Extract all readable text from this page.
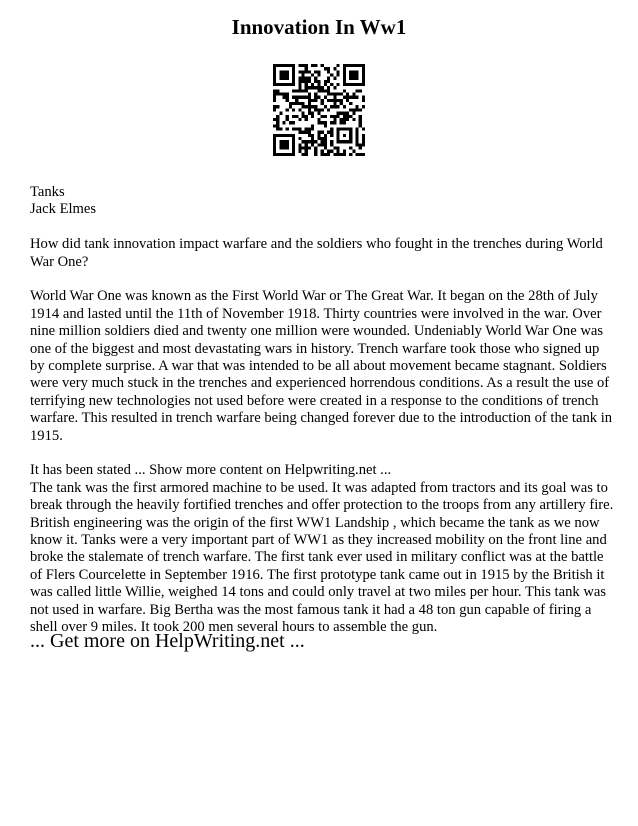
Innovation In Ww1

Tanks

Jack Elmes

How did tank innovation impact warfare and the soldiers who fought in the trenches during World War One?

World War One was known as the First World War or The Great War. It began on the 28th of July 1914 and lasted until the 11th of November 1918. Thirty countries were involved in the war. Over nine million soldiers died and twenty one million were wounded. Undeniably World War One was one of the biggest and most devastating wars in history. Trench warfare took those who signed up by complete surprise. A war that was intended to be all about movement became stagnant. Soldiers were very much stuck in the trenches and experienced horrendous conditions. As a result the use of terrifying new technologies not used before were created in a response to the conditions of trench warfare. This resulted in trench warfare being changed forever due to the introduction of the tank in 1915.

It has been stated ... Show more content on Helpwriting.net ...

The tank was the first armored machine to be used. It was adapted from tractors and its goal was to break through the heavily fortified trenches and offer protection to the troops from any artillery fire. British engineering was the origin of the first WW1 Landship , which became the tank as we now know it. Tanks were a very important part of WW1 as they increased mobility on the front line and broke the stalemate of trench warfare. The first tank ever used in military conflict was at the battle of Flers Courcelette in September 1916. The first prototype tank came out in 1915 by the British it was called little Willie, weighed 14 tons and could only travel at two miles per hour. This tank was not used in warfare. Big Bertha was the most famous tank it had a 48 ton gun capable of firing a shell over 9 miles. It took 200 men several hours to assemble the gun.

... Get more on HelpWriting.net ...
